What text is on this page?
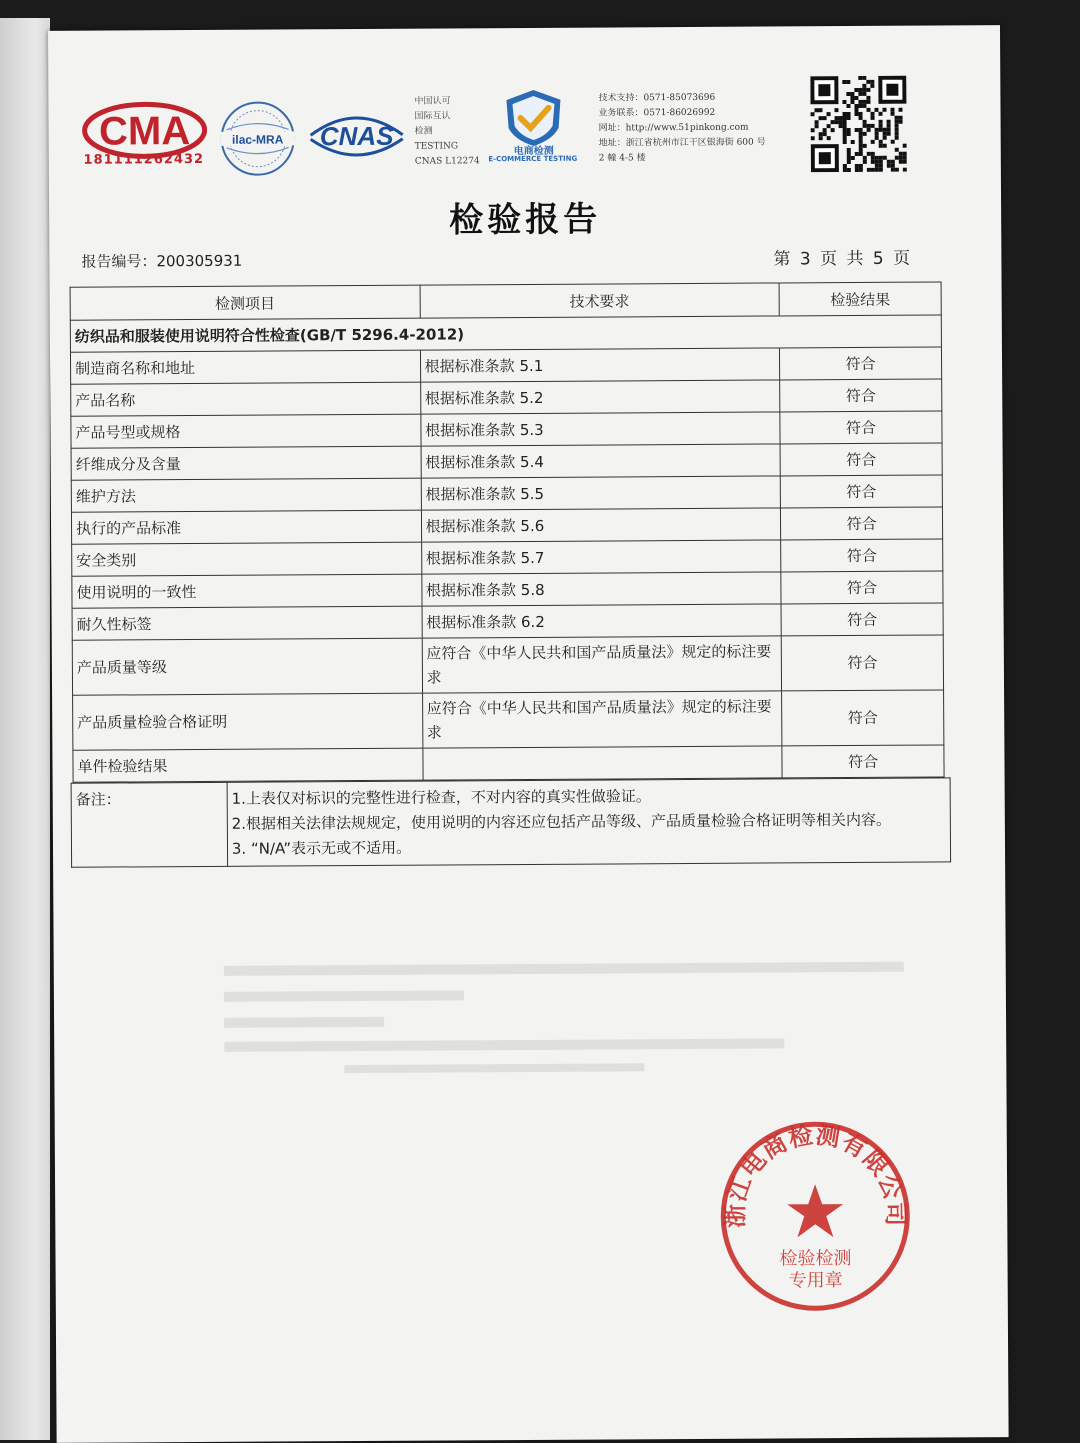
CMA
181111262432
ilac-MRA CNAS
中国认可
国际互认
检测
TESTING
CNAS L12274
电商检测
E-COMMERCE TESTING
技术支持：0571-85073696
业务联系：0571-86026992
网址：http://www.51pinkong.com
地址：浙江省杭州市江干区银海街 600 号
2 幢 4-5 楼
检验报告
报告编号：200305931	第 3 页 共 5 页
检测项目	技术要求	检验结果
纺织品和服装使用说明符合性检查(GB/T 5296.4-2012)		
制造商名称和地址	根据标准条款 5.1	符合
产品名称	根据标准条款 5.2	符合
产品号型或规格	根据标准条款 5.3	符合
纤维成分及含量	根据标准条款 5.4	符合
维护方法	根据标准条款 5.5	符合
执行的产品标准	根据标准条款 5.6	符合
安全类别	根据标准条款 5.7	符合
使用说明的一致性	根据标准条款 5.8	符合
耐久性标签	根据标准条款 6.2	符合
产品质量等级	应符合《中华人民共和国产品质量法》规定的标注要求	符合
产品质量检验合格证明	应符合《中华人民共和国产品质量法》规定的标注要求	符合
单件检验结果		符合
备注：	1.上表仅对标识的完整性进行检查，不对内容的真实性做验证。
2.根据相关法律法规规定，使用说明的内容还应包括产品等级、产品质量检验合格证明等相关内容。
3. “N/A”表示无或不适用。
浙江电商检测有限公司
检验检测
专用章
